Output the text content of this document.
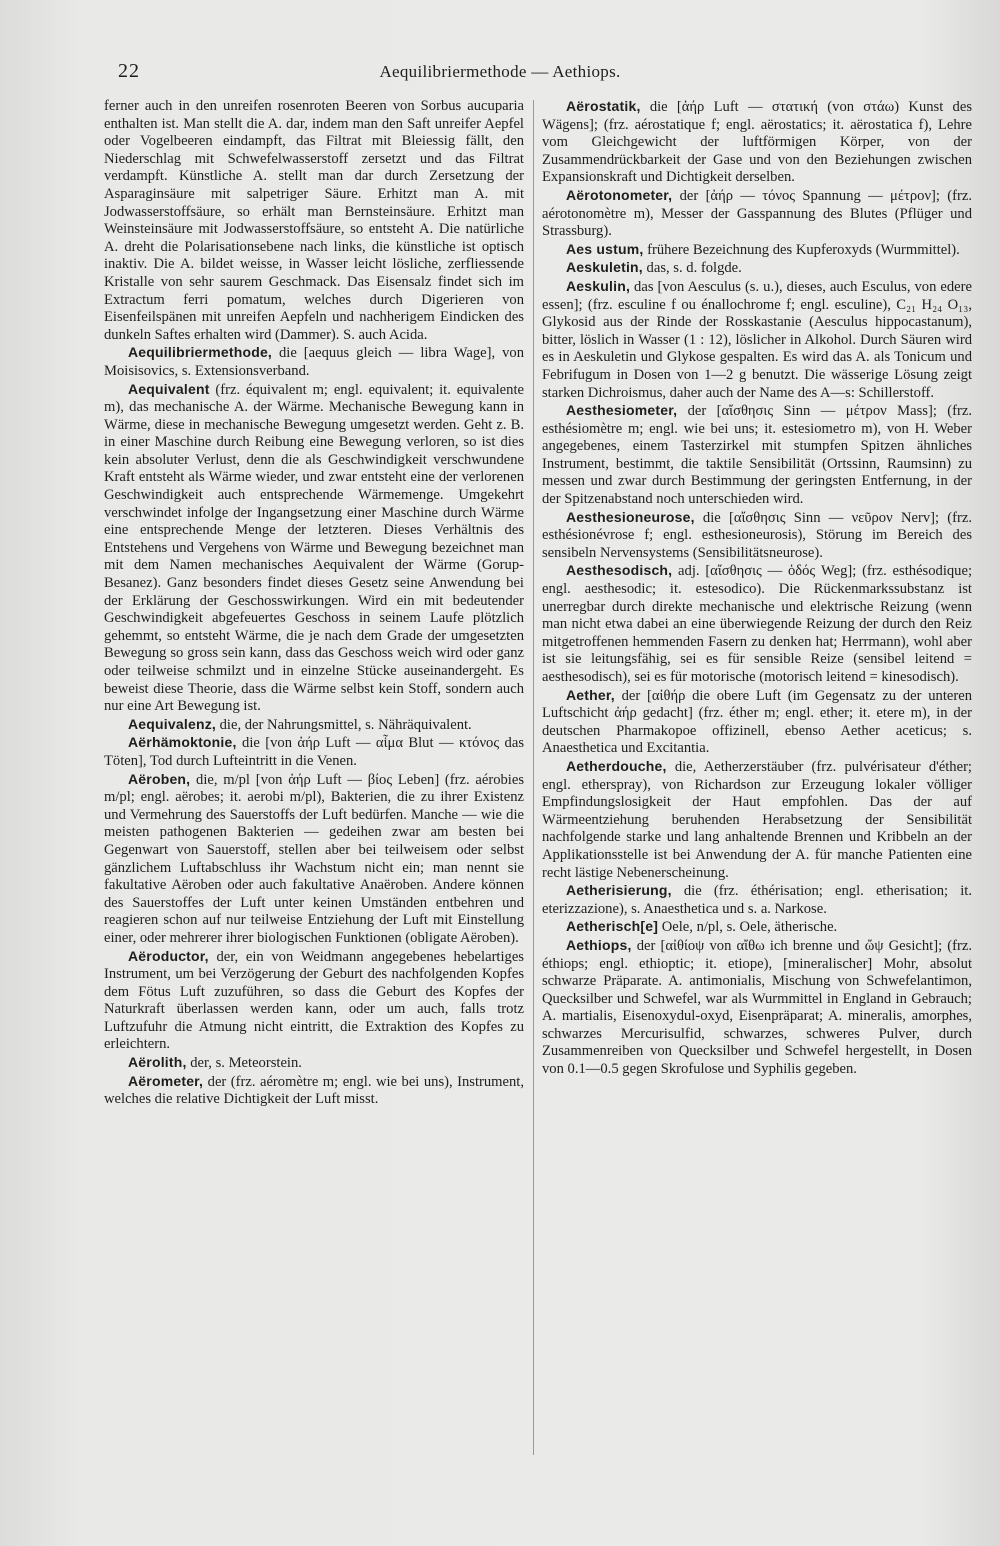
22	Aequilibriermethode — Aethiops.

ferner auch in den unreifen rosenroten Beeren von Sorbus aucuparia enthalten ist. Man stellt die A. dar, indem man den Saft unreifer Aepfel oder Vogelbeeren eindampft, das Filtrat mit Bleiessig fällt, den Niederschlag mit Schwefelwasserstoff zersetzt und das Filtrat verdampft. Künstliche A. stellt man dar durch Zersetzung der Asparaginsäure mit salpetriger Säure. Erhitzt man A. mit Jodwasserstoffsäure, so erhält man Bernsteinsäure. Erhitzt man Weinsteinsäure mit Jodwasserstoffsäure, so entsteht A. Die natürliche A. dreht die Polarisationsebene nach links, die künstliche ist optisch inaktiv. Die A. bildet weisse, in Wasser leicht lösliche, zerfliessende Kristalle von sehr saurem Geschmack. Das Eisensalz findet sich im Extractum ferri pomatum, welches durch Digerieren von Eisenfeilspänen mit unreifen Aepfeln und nachherigem Eindicken des dunkeln Saftes erhalten wird (Dammer). S. auch Acida.

Aequilibriermethode, die [aequus gleich — libra Wage], von Moisisovics, s. Extensionsverband.

Aequivalent (frz. équivalent m; engl. equivalent; it. equivalente m), das mechanische A. der Wärme. Mechanische Bewegung kann in Wärme, diese in mechanische Bewegung umgesetzt werden. Geht z. B. in einer Maschine durch Reibung eine Bewegung verloren, so ist dies kein absoluter Verlust, denn die als Geschwindigkeit verschwundene Kraft entsteht als Wärme wieder, und zwar entsteht eine der verlorenen Geschwindigkeit auch entsprechende Wärmemenge. Umgekehrt verschwindet infolge der Ingangsetzung einer Maschine durch Wärme eine entsprechende Menge der letzteren. Dieses Verhältnis des Entstehens und Vergehens von Wärme und Bewegung bezeichnet man mit dem Namen mechanisches Aequivalent der Wärme (Gorup-Besanez). Ganz besonders findet dieses Gesetz seine Anwendung bei der Erklärung der Geschosswirkungen. Wird ein mit bedeutender Geschwindigkeit abgefeuertes Geschoss in seinem Laufe plötzlich gehemmt, so entsteht Wärme, die je nach dem Grade der umgesetzten Bewegung so gross sein kann, dass das Geschoss weich wird oder ganz oder teilweise schmilzt und in einzelne Stücke auseinandergeht. Es beweist diese Theorie, dass die Wärme selbst kein Stoff, sondern auch nur eine Art Bewegung ist.

Aequivalenz, die, der Nahrungsmittel, s. Nähräquivalent.

Aërhämoktonie, die [von ἀήρ Luft — αἷμα Blut — κτόνος das Töten], Tod durch Lufteintritt in die Venen.

Aëroben, die, m/pl [von ἀήρ Luft — βίος Leben] (frz. aérobies m/pl; engl. aërobes; it. aerobi m/pl), Bakterien, die zu ihrer Existenz und Vermehrung des Sauerstoffs der Luft bedürfen. Manche — wie die meisten pathogenen Bakterien — gedeihen zwar am besten bei Gegenwart von Sauerstoff, stellen aber bei teilweisem oder selbst gänzlichem Luftabschluss ihr Wachstum nicht ein; man nennt sie fakultative Aëroben oder auch fakultative Anaëroben. Andere können des Sauerstoffes der Luft unter keinen Umständen entbehren und reagieren schon auf nur teilweise Entziehung der Luft mit Einstellung einer, oder mehrerer ihrer biologischen Funktionen (obligate Aëroben).

Aëroductor, der, ein von Weidmann angegebenes hebelartiges Instrument, um bei Verzögerung der Geburt des nachfolgenden Kopfes dem Fötus Luft zuzuführen, so dass die Geburt des Kopfes der Naturkraft überlassen werden kann, oder um auch, falls trotz Luftzufuhr die Atmung nicht eintritt, die Extraktion des Kopfes zu erleichtern.

Aërolith, der, s. Meteorstein.

Aërometer, der (frz. aéromètre m; engl. wie bei uns), Instrument, welches die relative Dichtigkeit der Luft misst.

Aërostatik, die [ἀήρ Luft — στατική (von στάω) Kunst des Wägens]; (frz. aérostatique f; engl. aërostatics; it. aërostatica f), Lehre vom Gleichgewicht der luftförmigen Körper, von der Zusammendrückbarkeit der Gase und von den Beziehungen zwischen Expansionskraft und Dichtigkeit derselben.

Aërotonometer, der [ἀήρ — τόνος Spannung — μέτρον]; (frz. aérotonomètre m), Messer der Gasspannung des Blutes (Pflüger und Strassburg).

Aes ustum, frühere Bezeichnung des Kupferoxyds (Wurmmittel).

Aeskuletin, das, s. d. folgde.

Aeskulin, das [von Aesculus (s. u.), dieses, auch Esculus, von edere essen]; (frz. esculine f ou énallochrome f; engl. esculine), C₂₁ H₂₄ O₁₃, Glykosid aus der Rinde der Rosskastanie (Aesculus hippocastanum), bitter, löslich in Wasser (1 : 12), löslicher in Alkohol. Durch Säuren wird es in Aeskuletin und Glykose gespalten. Es wird das A. als Tonicum und Febrifugum in Dosen von 1—2 g benutzt. Die wässerige Lösung zeigt starken Dichroismus, daher auch der Name des A—s: Schillerstoff.

Aesthesiometer, der [αἴσθησις Sinn — μέτρον Mass]; (frz. esthésiomètre m; engl. wie bei uns; it. estesiometro m), von H. Weber angegebenes, einem Tasterzirkel mit stumpfen Spitzen ähnliches Instrument, bestimmt, die taktile Sensibilität (Ortssinn, Raumsinn) zu messen und zwar durch Bestimmung der geringsten Entfernung, in der der Spitzenabstand noch unterschieden wird.

Aesthesioneurose, die [αἴσθησις Sinn — νεῦρον Nerv]; (frz. esthésionévrose f; engl. esthesioneurosis), Störung im Bereich des sensibeln Nervensystems (Sensibilitätsneurose).

Aesthesodisch, adj. [αἴσθησις — ὁδός Weg]; (frz. esthésodique; engl. aesthesodic; it. estesodico). Die Rückenmarkssubstanz ist unerregbar durch direkte mechanische und elektrische Reizung (wenn man nicht etwa dabei an eine überwiegende Reizung der durch den Reiz mitgetroffenen hemmenden Fasern zu denken hat; Herrmann), wohl aber ist sie leitungsfähig, sei es für sensible Reize (sensibel leitend = aesthesodisch), sei es für motorische (motorisch leitend = kinesodisch).

Aether, der [αἰθήρ die obere Luft (im Gegensatz zu der unteren Luftschicht ἀήρ gedacht] (frz. éther m; engl. ether; it. etere m), in der deutschen Pharmakopoe offizinell, ebenso Aether aceticus; s. Anaesthetica und Excitantia.

Aetherdouche, die, Aetherzerstäuber (frz. pulvérisateur d'éther; engl. etherspray), von Richardson zur Erzeugung lokaler völliger Empfindungslosigkeit der Haut empfohlen. Das der auf Wärmeentziehung beruhenden Herabsetzung der Sensibilität nachfolgende starke und lang anhaltende Brennen und Kribbeln an der Applikationsstelle ist bei Anwendung der A. für manche Patienten eine recht lästige Nebenerscheinung.

Aetherisierung, die (frz. éthérisation; engl. etherisation; it. eterizzazione), s. Anaesthetica und s. a. Narkose.

Aetherisch[e] Oele, n/pl, s. Oele, ätherische.

Aethiops, der [αἰθίοψ von αἴθω ich brenne und ὤψ Gesicht]; (frz. éthiops; engl. ethioptic; it. etiope), [mineralischer] Mohr, absolut schwarze Präparate. A. antimonialis, Mischung von Schwefelantimon, Quecksilber und Schwefel, war als Wurmmittel in England in Gebrauch; A. martialis, Eisenoxydul-oxyd, Eisenpräparat; A. mineralis, amorphes, schwarzes Mercurisulfid, schwarzes, schweres Pulver, durch Zusammenreiben von Quecksilber und Schwefel hergestellt, in Dosen von 0.1—0.5 gegen Skrofulose und Syphilis gegeben.
